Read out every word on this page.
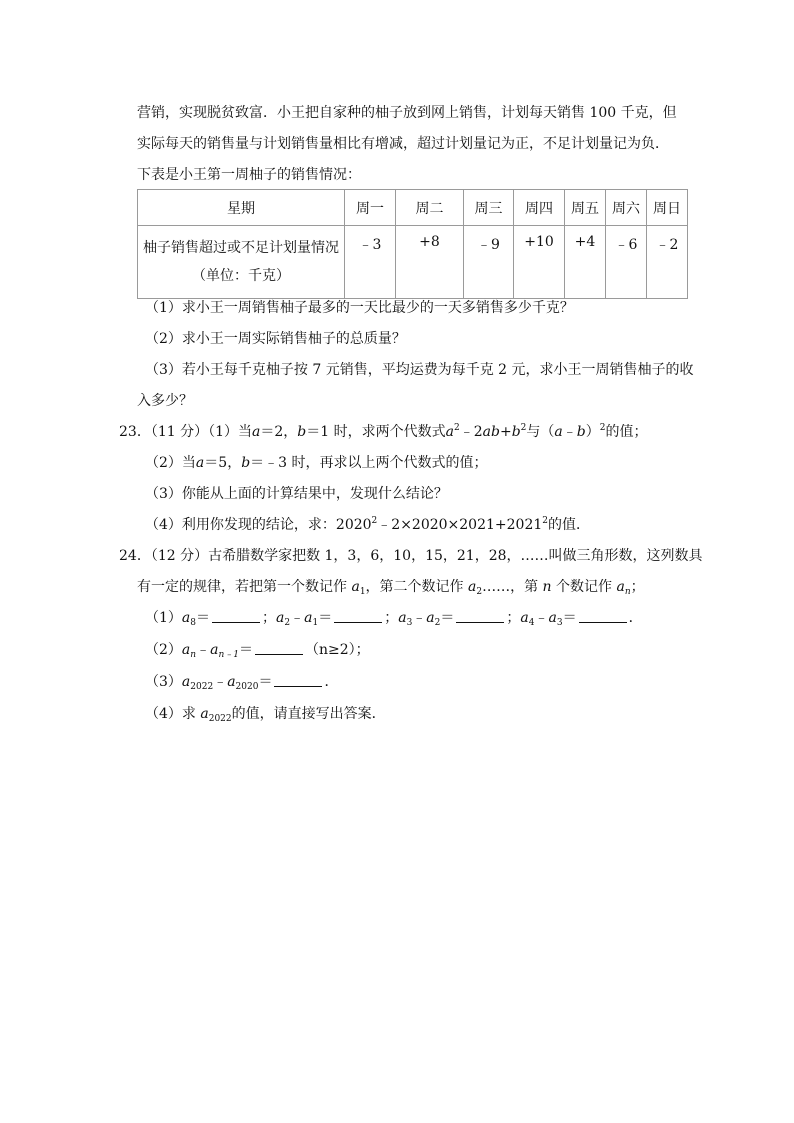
营销，实现脱贫致富．小王把自家种的柚子放到网上销售，计划每天销售 100 千克，但
实际每天的销售量与计划销售量相比有增减，超过计划量记为正，不足计划量记为负．
下表是小王第一周柚子的销售情况：
星期	周一	周二	周三	周四	周五	周六	周日

柚子销售超过或不足计划量情况
（单位：千克）	﹣3	+8	﹣9	+10	+4	﹣6	﹣2
（1）求小王一周销售柚子最多的一天比最少的一天多销售多少千克？
（2）求小王一周实际销售柚子的总质量？
（3）若小王每千克柚子按 7 元销售，平均运费为每千克 2 元，求小王一周销售柚子的收
入多少？
23．（11 分）（1）当a＝2，b＝1 时，求两个代数式$a^2﹣2ab+b^2$与（a﹣b）$^2$的值；
（2）当a＝5，b＝﹣3 时，再求以上两个代数式的值；
（3）你能从上面的计算结果中，发现什么结论？
（4）利用你发现的结论，求：$2020^2﹣2\times 2020\times 2021+2021^2$的值．
24．（12 分）古希腊数学家把数 1，3，6，10，15，21，28，……叫做三角形数，这列数具
有一定的规律，若把第一个数记作 $a_1$，第二个数记作 $a_2\dots\dots$，第 n 个数记作 $a_n$；
$(1)a_8=$	；$a_2﹣a_1=$	；$a_3﹣a_2=$	；$a_4﹣a_3=$	．
$(2)a_n﹣a_{n﹣1}=$	（n≥2）；
$(3)a_{2022}﹣a_{2020}=$	．
（4）求 $a_{2022}$的值，请直接写出答案．
